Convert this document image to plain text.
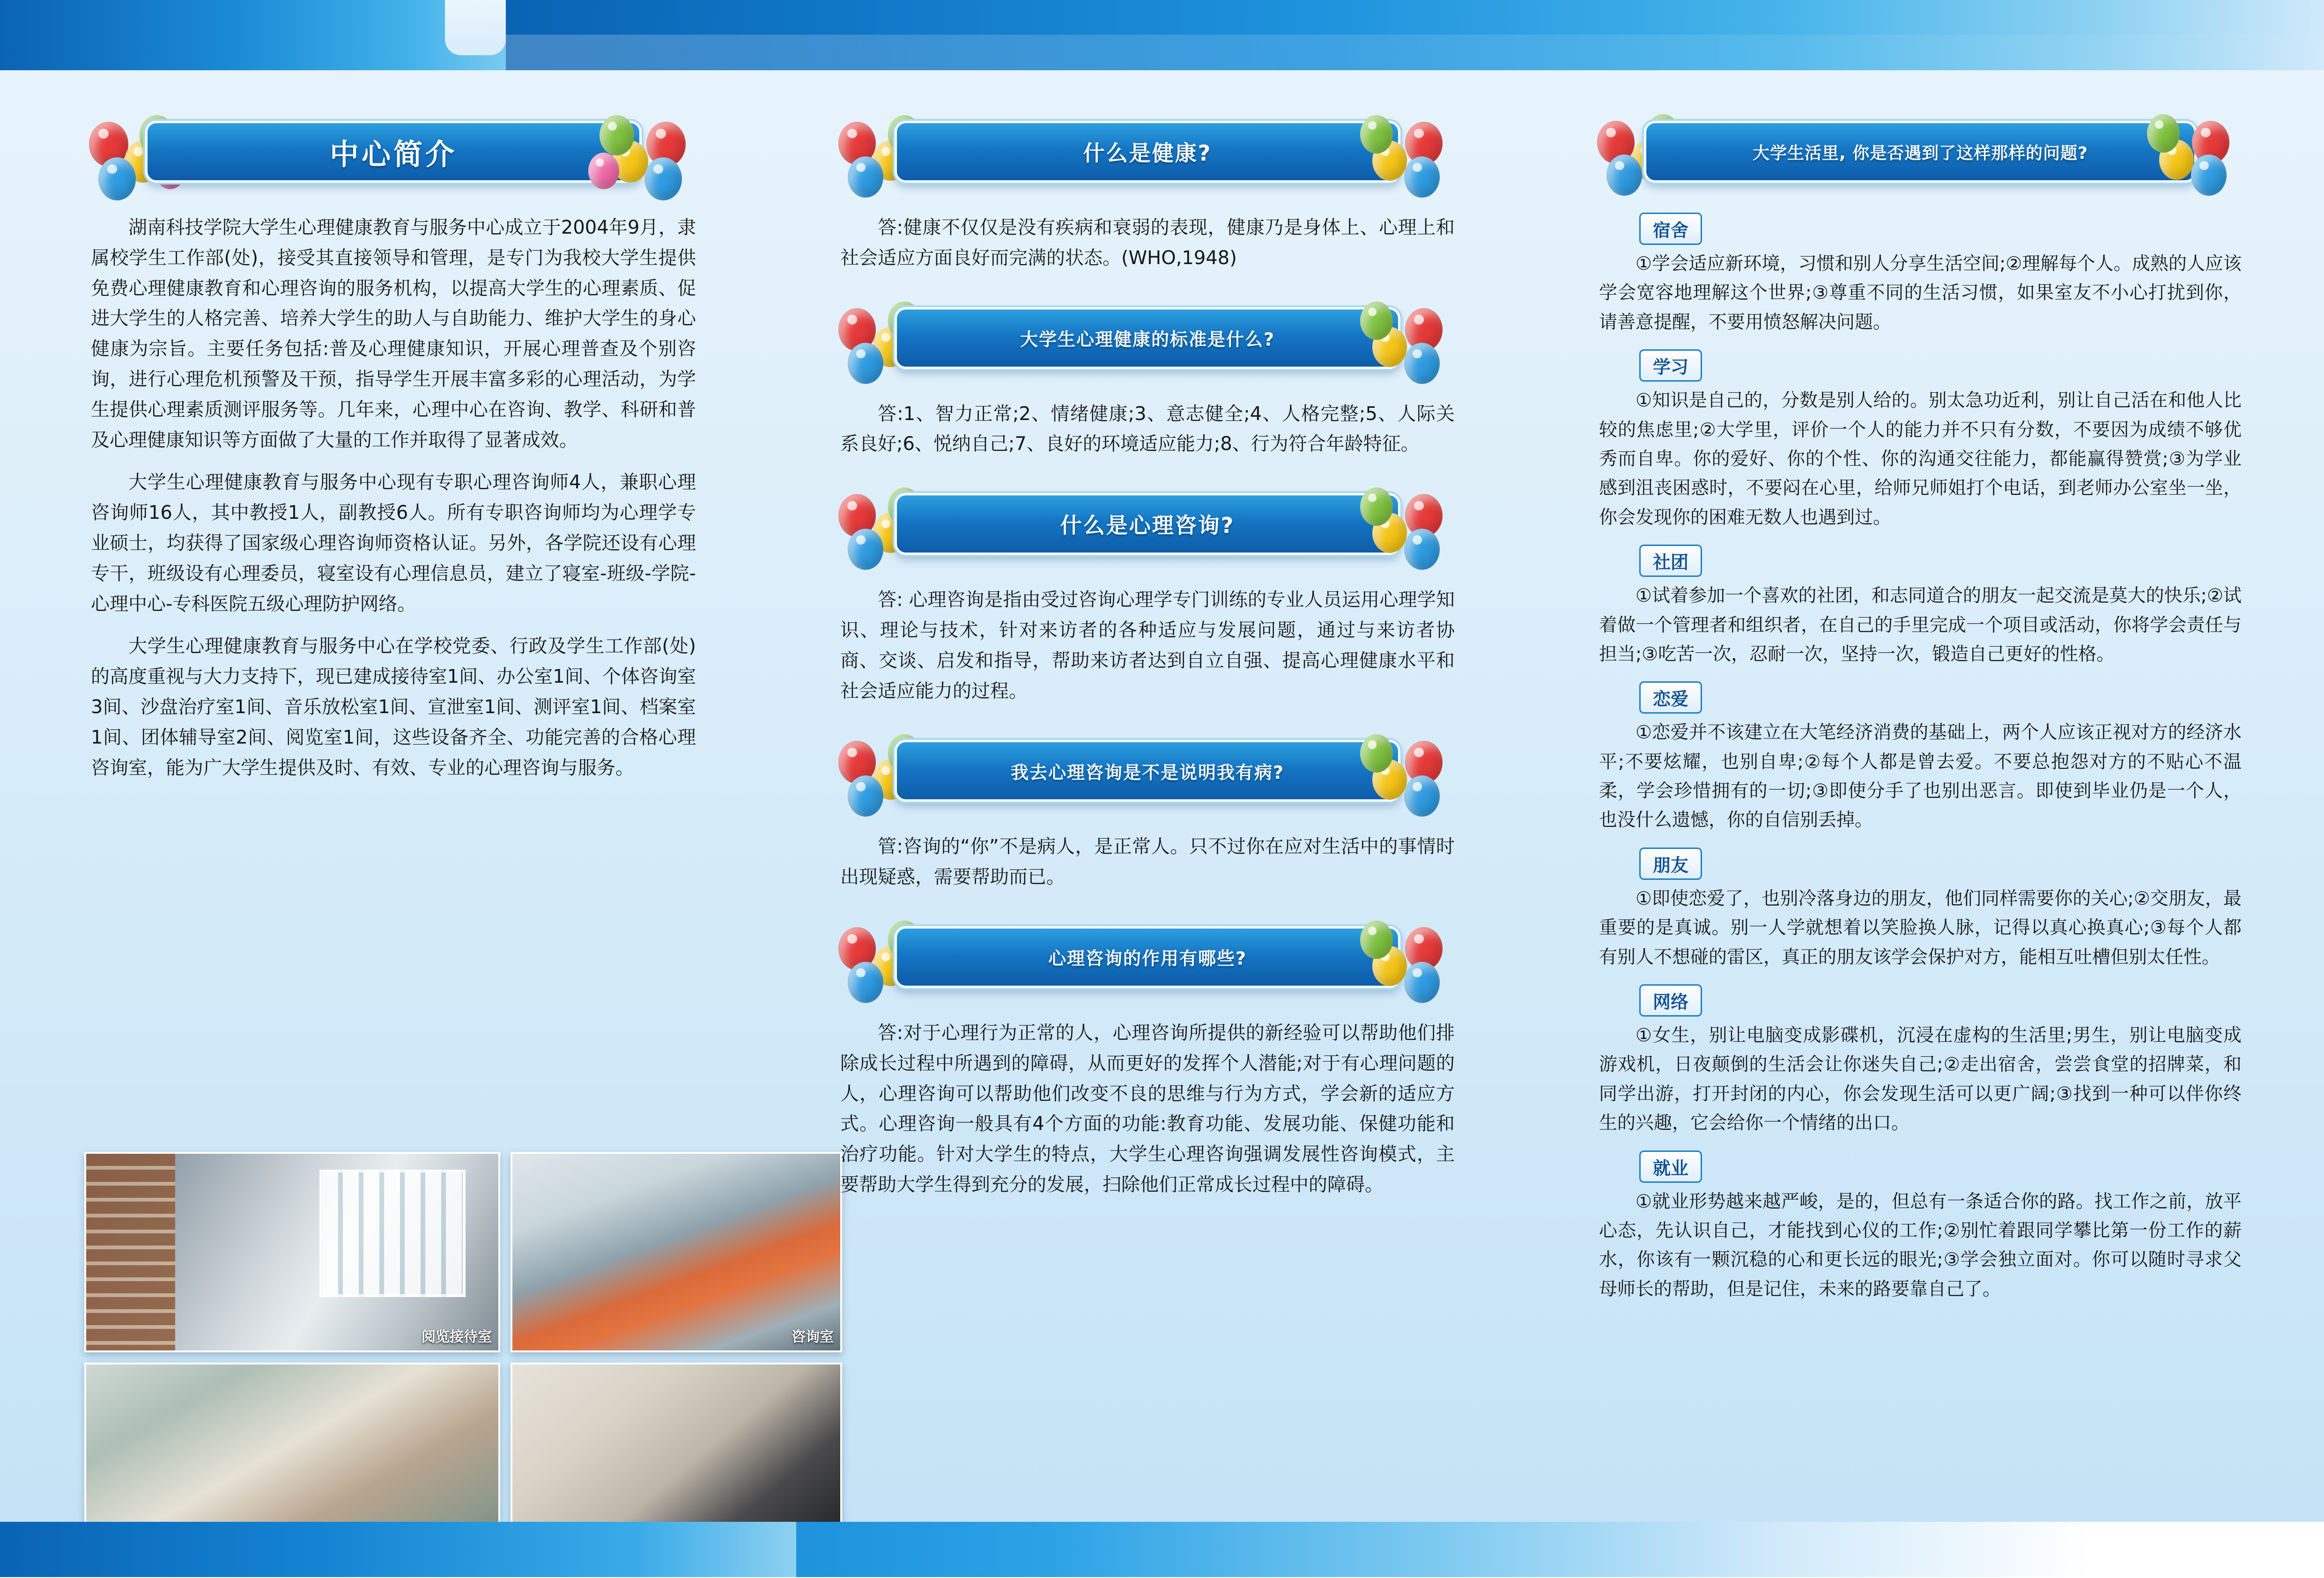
中心简介

湖南科技学院大学生心理健康教育与服务中心成立于2004年9月，隶属校学生工作部(处)，接受其直接领导和管理，是专门为我校大学生提供免费心理健康教育和心理咨询的服务机构，以提高大学生的心理素质、促进大学生的人格完善、培养大学生的助人与自助能力、维护大学生的身心健康为宗旨。主要任务包括:普及心理健康知识，开展心理普查及个别咨询，进行心理危机预警及干预，指导学生开展丰富多彩的心理活动，为学生提供心理素质测评服务等。几年来，心理中心在咨询、教学、科研和普及心理健康知识等方面做了大量的工作并取得了显著成效。

大学生心理健康教育与服务中心现有专职心理咨询师4人，兼职心理咨询师16人，其中教授1人，副教授6人。所有专职咨询师均为心理学专业硕士，均获得了国家级心理咨询师资格认证。另外，各学院还设有心理专干，班级设有心理委员，寝室设有心理信息员，建立了寝室-班级-学院-心理中心-专科医院五级心理防护网络。

大学生心理健康教育与服务中心在学校党委、行政及学生工作部(处)的高度重视与大力支持下，现已建成接待室1间、办公室1间、个体咨询室3间、沙盘治疗室1间、音乐放松室1间、宣泄室1间、测评室1间、档案室1间、团体辅导室2间、阅览室1间，这些设备齐全、功能完善的合格心理咨询室，能为广大学生提供及时、有效、专业的心理咨询与服务。

阅览接待室	咨询室
什么是健康?

答:健康不仅仅是没有疾病和衰弱的表现，健康乃是身体上、心理上和社会适应方面良好而完满的状态。(WHO,1948)

大学生心理健康的标准是什么?

答:1、智力正常;2、情绪健康;3、意志健全;4、人格完整;5、人际关系良好;6、悦纳自己;7、良好的环境适应能力;8、行为符合年龄特征。

什么是心理咨询?

答: 心理咨询是指由受过咨询心理学专门训练的专业人员运用心理学知识、理论与技术，针对来访者的各种适应与发展问题，通过与来访者协商、交谈、启发和指导，帮助来访者达到自立自强、提高心理健康水平和社会适应能力的过程。

我去心理咨询是不是说明我有病?

管:咨询的“你”不是病人，是正常人。只不过你在应对生活中的事情时出现疑惑，需要帮助而已。

心理咨询的作用有哪些?

答:对于心理行为正常的人，心理咨询所提供的新经验可以帮助他们排除成长过程中所遇到的障碍，从而更好的发挥个人潜能;对于有心理问题的人，心理咨询可以帮助他们改变不良的思维与行为方式，学会新的适应方式。心理咨询一般具有4个方面的功能:教育功能、发展功能、保健功能和治疗功能。针对大学生的特点，大学生心理咨询强调发展性咨询模式，主要帮助大学生得到充分的发展，扫除他们正常成长过程中的障碍。

大学生活里, 你是否遇到了这样那样的问题?
宿舍

①学会适应新环境，习惯和别人分享生活空间;②理解每个人。成熟的人应该学会宽容地理解这个世界;③尊重不同的生活习惯，如果室友不小心打扰到你，请善意提醒，不要用愤怒解决问题。

学习

①知识是自己的，分数是别人给的。别太急功近利，别让自己活在和他人比较的焦虑里;②大学里，评价一个人的能力并不只有分数，不要因为成绩不够优秀而自卑。你的爱好、你的个性、你的沟通交往能力，都能赢得赞赏;③为学业感到沮丧困惑时，不要闷在心里，给师兄师姐打个电话，到老师办公室坐一坐，你会发现你的困难无数人也遇到过。

社团

①试着参加一个喜欢的社团，和志同道合的朋友一起交流是莫大的快乐;②试着做一个管理者和组织者，在自己的手里完成一个项目或活动，你将学会责任与担当;③吃苦一次，忍耐一次，坚持一次，锻造自己更好的性格。

恋爱

①恋爱并不该建立在大笔经济消费的基础上，两个人应该正视对方的经济水平;不要炫耀，也别自卑;②每个人都是曾去爱。不要总抱怨对方的不贴心不温柔，学会珍惜拥有的一切;③即使分手了也别出恶言。即使到毕业仍是一个人，也没什么遗憾，你的自信别丢掉。

朋友

①即使恋爱了，也别冷落身边的朋友，他们同样需要你的关心;②交朋友，最重要的是真诚。别一人学就想着以笑脸换人脉，记得以真心换真心;③每个人都有别人不想碰的雷区，真正的朋友该学会保护对方，能相互吐槽但别太任性。

网络

①女生，别让电脑变成影碟机，沉浸在虚构的生活里;男生，别让电脑变成游戏机，日夜颠倒的生活会让你迷失自己;②走出宿舍，尝尝食堂的招牌菜，和同学出游，打开封闭的内心，你会发现生活可以更广阔;③找到一种可以伴你终生的兴趣，它会给你一个情绪的出口。

就业

①就业形势越来越严峻，是的，但总有一条适合你的路。找工作之前，放平心态，先认识自己，才能找到心仪的工作;②别忙着跟同学攀比第一份工作的薪水，你该有一颗沉稳的心和更长远的眼光;③学会独立面对。你可以随时寻求父母师长的帮助，但是记住，未来的路要靠自己了。
